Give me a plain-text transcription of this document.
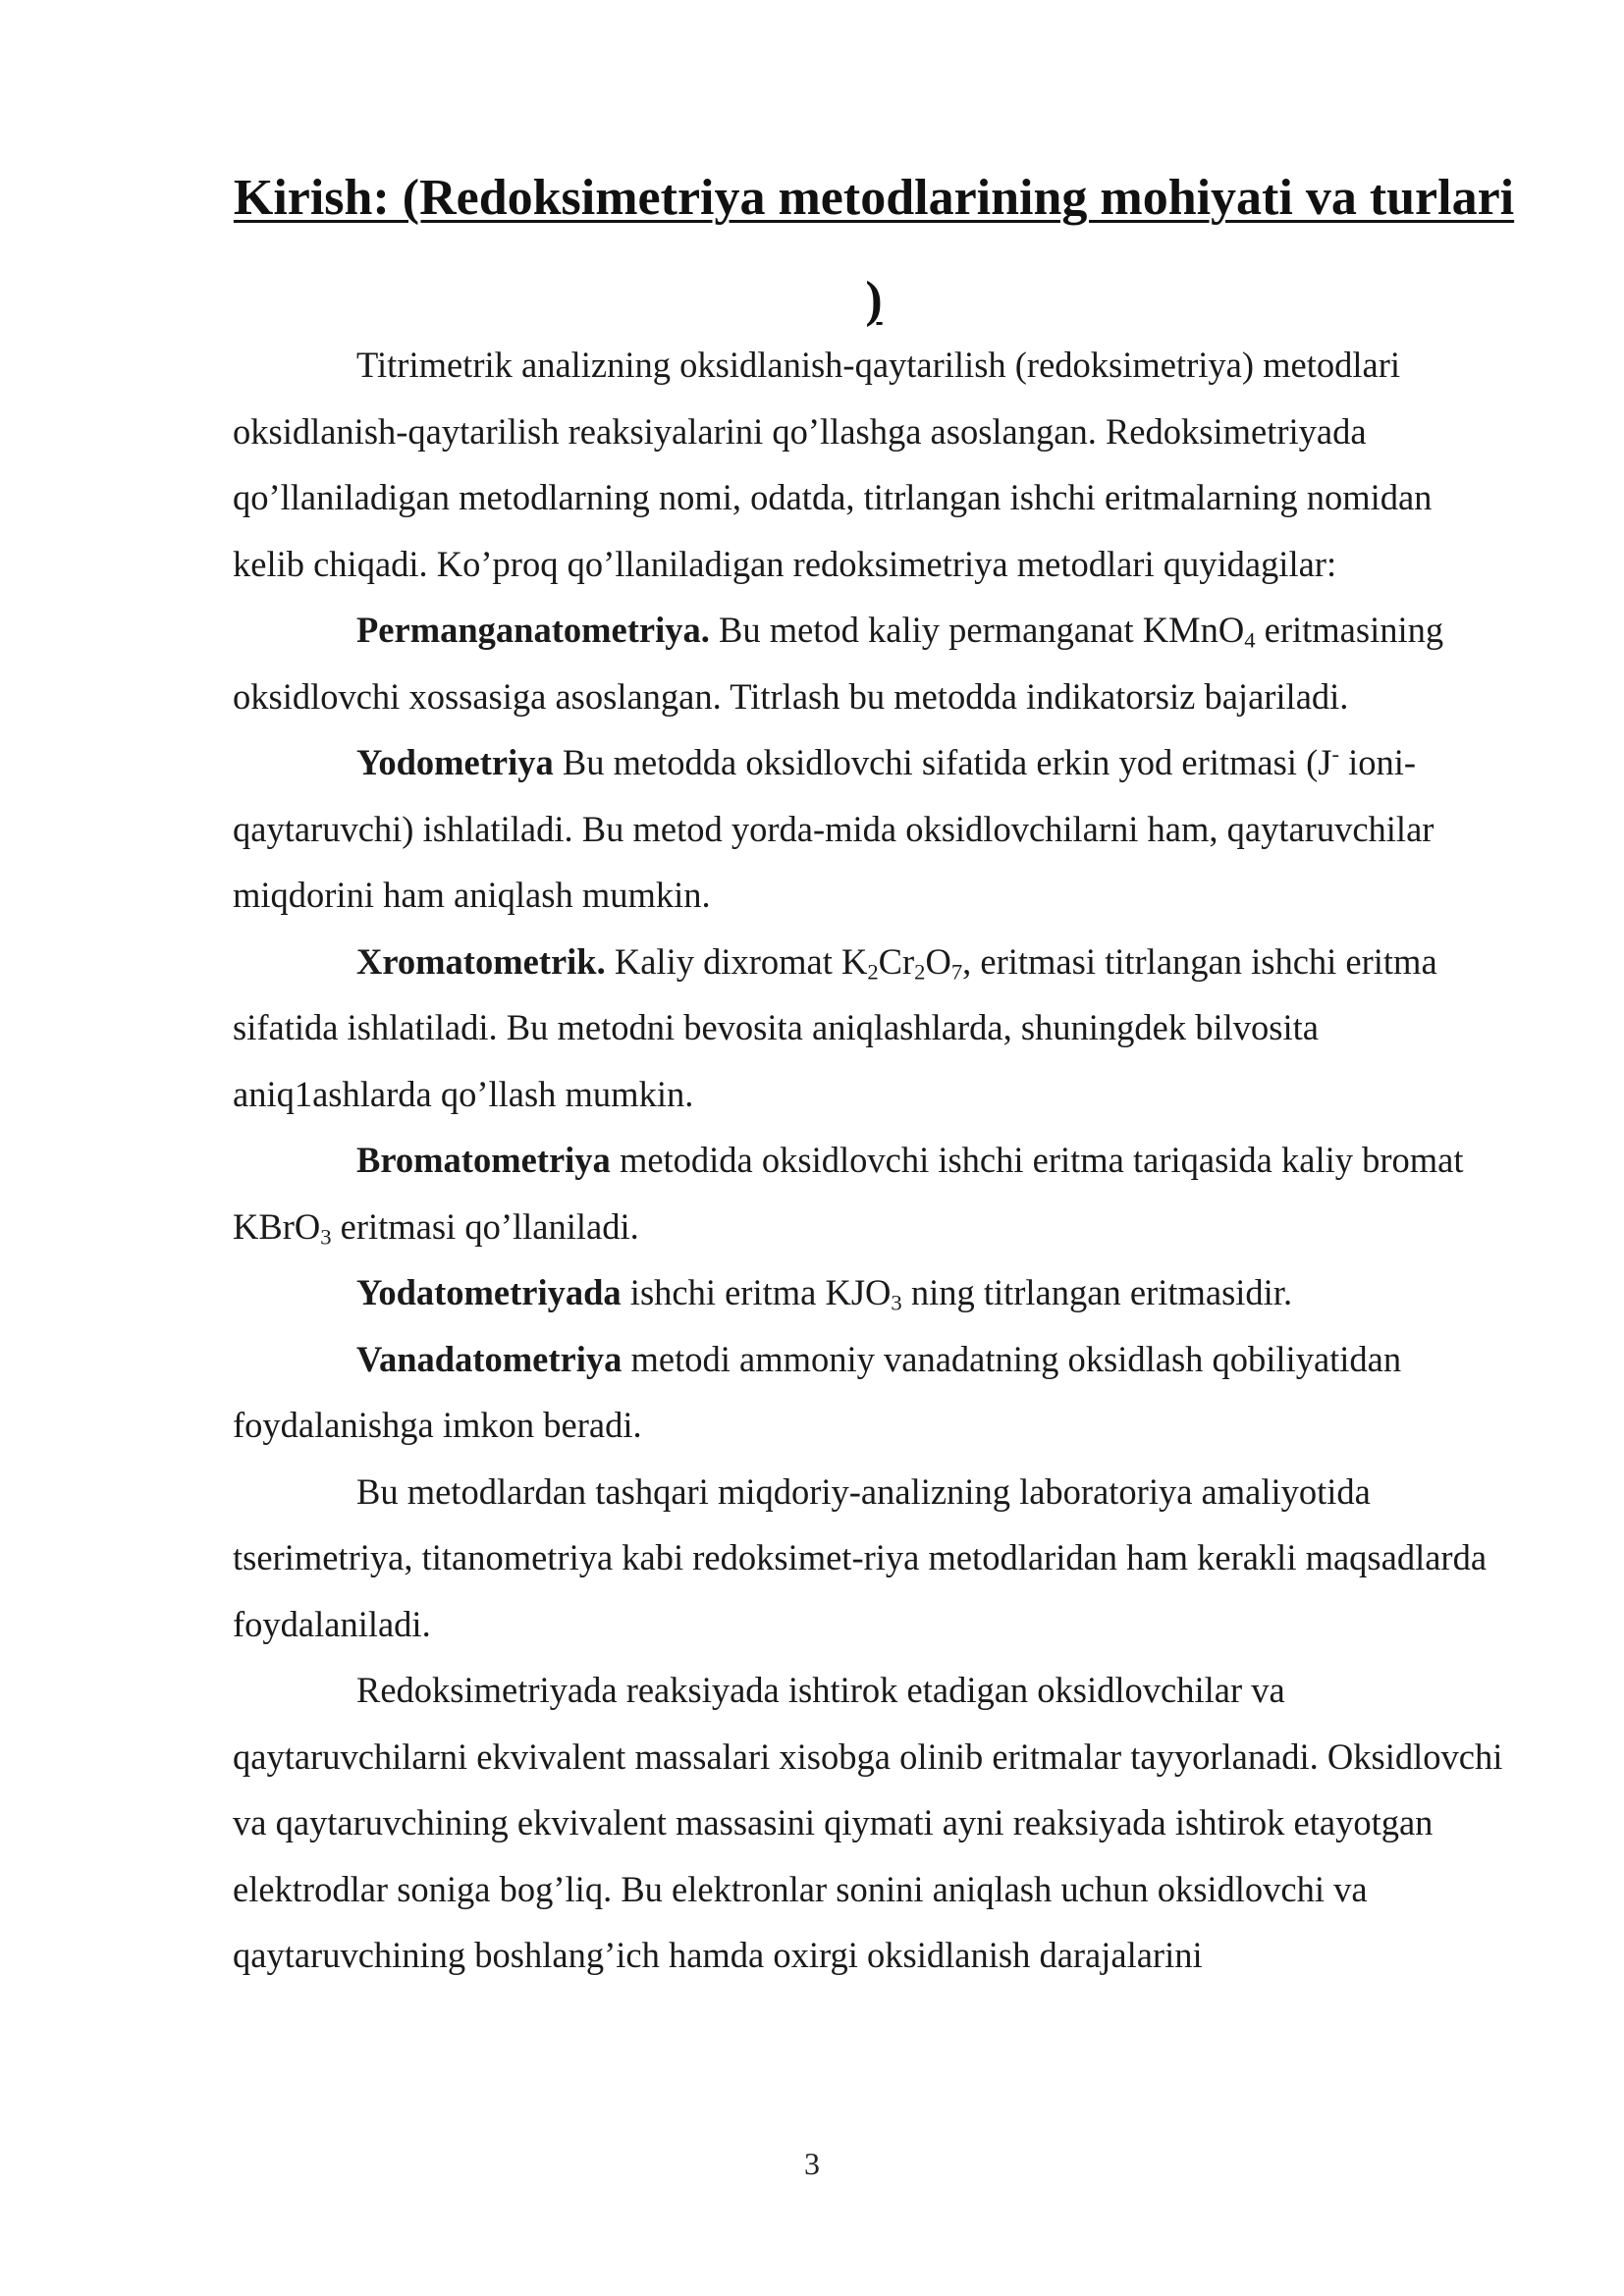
Kirish: (Redoksimetriya metodlarining mohiyati va turlari )

Titrimetrik analizning oksidlanish-qaytarilish (redoksimetriya) metodlari oksidlanish-qaytarilish reaksiyalarini qo’llashga asoslangan. Redoksimetriyada qo’llaniladigan metodlarning nomi, odatda, titrlangan ishchi eritmalarning nomidan kelib chiqadi. Ko’proq qo’llaniladigan redoksimetriya metodlari quyidagilar:

Permanganatometriya. Bu metod kaliy permanganat KMnO$_4$ eritmasining oksidlovchi xossasiga asoslangan. Titrlash bu metodda indikatorsiz bajariladi.

Yodometriya Bu metodda oksidlovchi sifatida erkin yod eritmasi (J- ioni-qaytaruvchi) ishlatiladi. Bu metod yorda-mida oksidlovchilarni ham, qaytaruvchilar miqdorini ham aniqlash mumkin.

Xromatometrik. Kaliy dixromat $K_2Cr_2O_7$, eritmasi titrlangan ishchi eritma sifatida ishlatiladi. Bu metodni bevosita aniqlashlarda, shuningdek bilvosita aniq1ashlarda qo’llash mumkin.

Bromatometriya metodida oksidlovchi ishchi eritma tariqasida kaliy bromat KBrO$_3$ eritmasi qo’llaniladi.

Yodatometriyada ishchi eritma $KJO_3$ ning titrlangan eritmasidir.

Vanadatometriya metodi ammoniy vanadatning oksidlash qobiliyatidan foydalanishga imkon beradi.

Bu metodlardan tashqari miqdoriy-analizning laboratoriya amaliyotida tserimetriya, titanometriya kabi redoksimet-riya metodlaridan ham kerakli maqsadlarda foydalaniladi.

Redoksimetriyada reaksiyada ishtirok etadigan oksidlovchilar va qaytaruvchilarni ekvivalent massalari xisobga olinib eritmalar tayyorlanadi. Oksidlovchi va qaytaruvchining ekvivalent massasini qiymati ayni reaksiyada ishtirok etayotgan elektrodlar soniga bog’liq. Bu elektronlar sonini aniqlash uchun oksidlovchi va qaytaruvchining boshlang’ich hamda oxirgi oksidlanish darajalarini

3
